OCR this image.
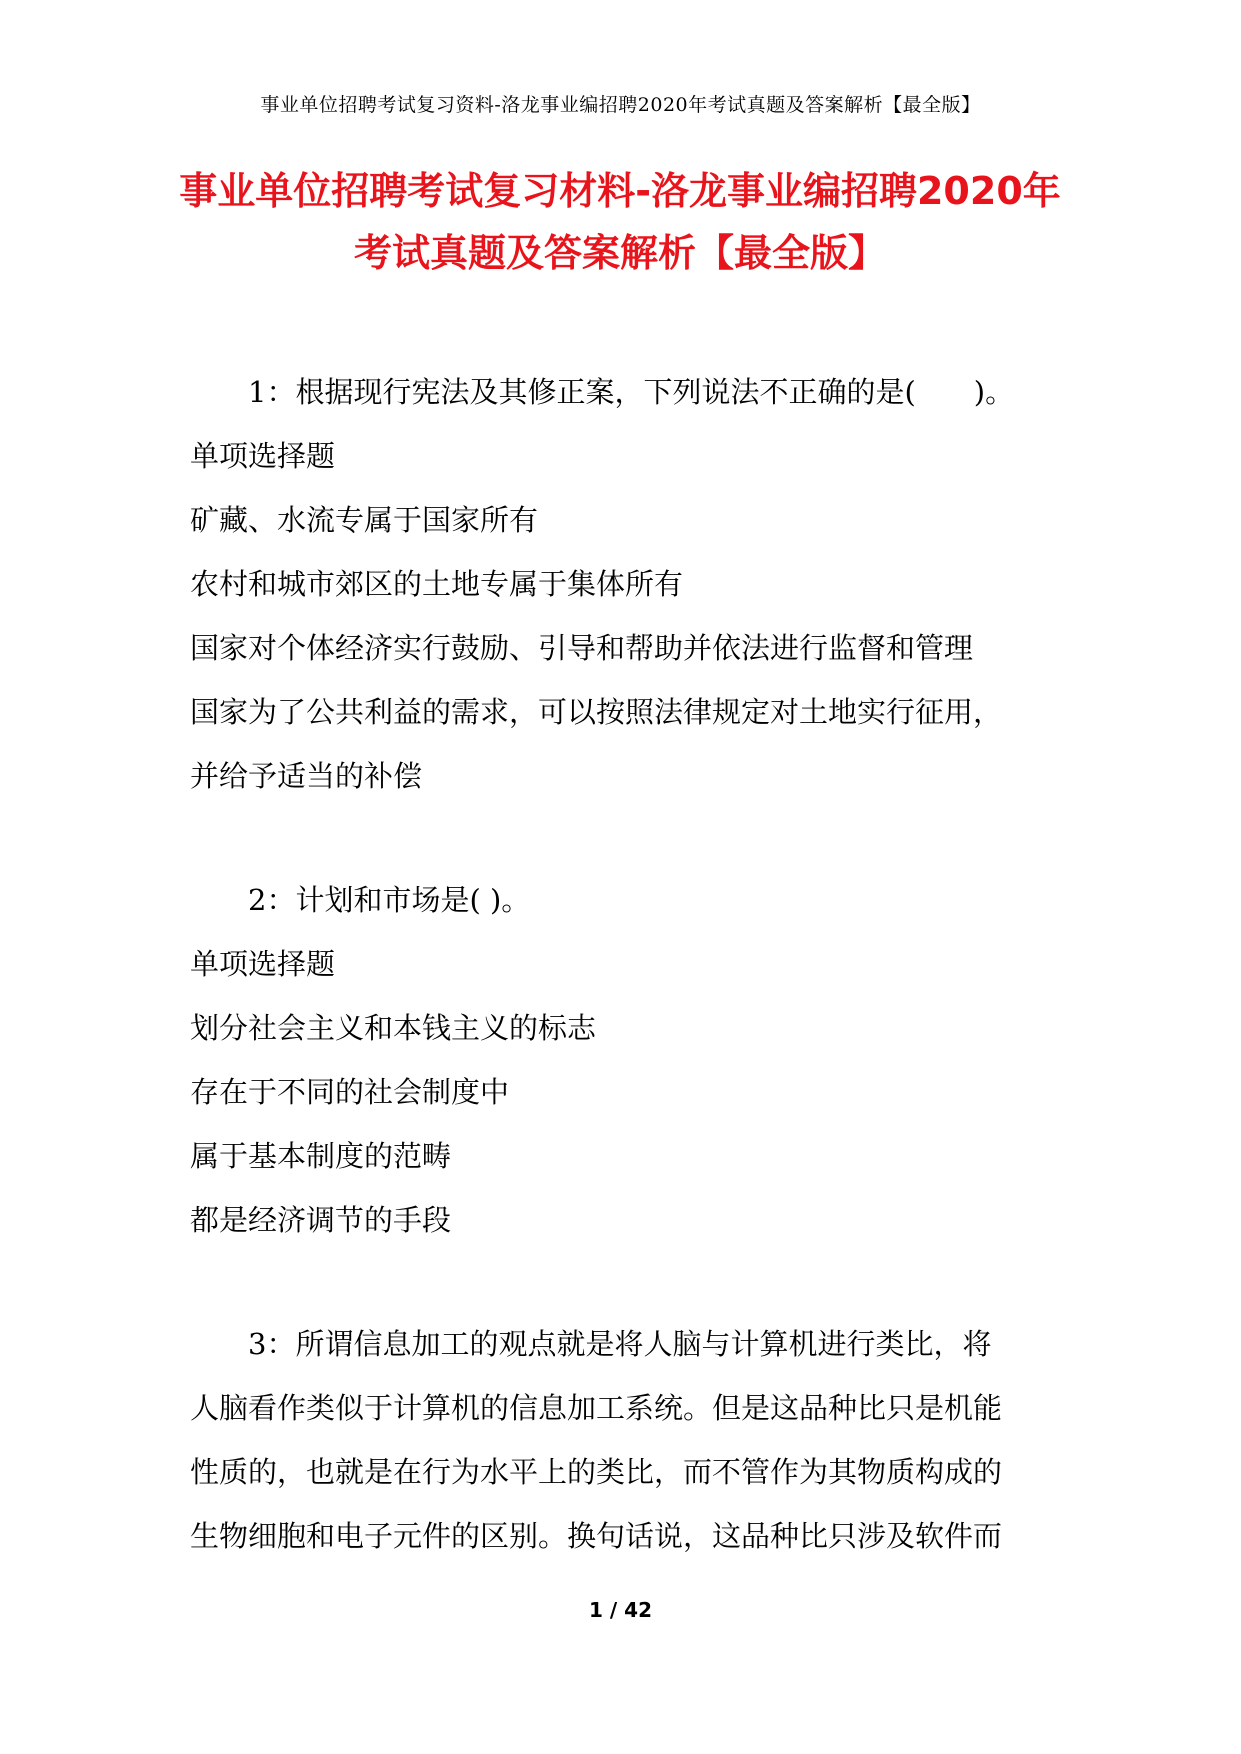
事业单位招聘考试复习资料-洛龙事业编招聘2020年考试真题及答案解析【最全版】
事业单位招聘考试复习材料-洛龙事业编招聘2020年
考试真题及答案解析【最全版】

1：根据现行宪法及其修正案，下列说法不正确的是(　　)。

单项选择题

矿藏、水流专属于国家所有

农村和城市郊区的土地专属于集体所有

国家对个体经济实行鼓励、引导和帮助并依法进行监督和管理

国家为了公共利益的需求，可以按照法律规定对土地实行征用，

并给予适当的补偿

2：计划和市场是( )。

单项选择题

划分社会主义和本钱主义的标志

存在于不同的社会制度中

属于基本制度的范畴

都是经济调节的手段

3：所谓信息加工的观点就是将人脑与计算机进行类比，将

人脑看作类似于计算机的信息加工系统。但是这品种比只是机能

性质的，也就是在行为水平上的类比，而不管作为其物质构成的

生物细胞和电子元件的区别。换句话说，这品种比只涉及软件而

1 / 42
